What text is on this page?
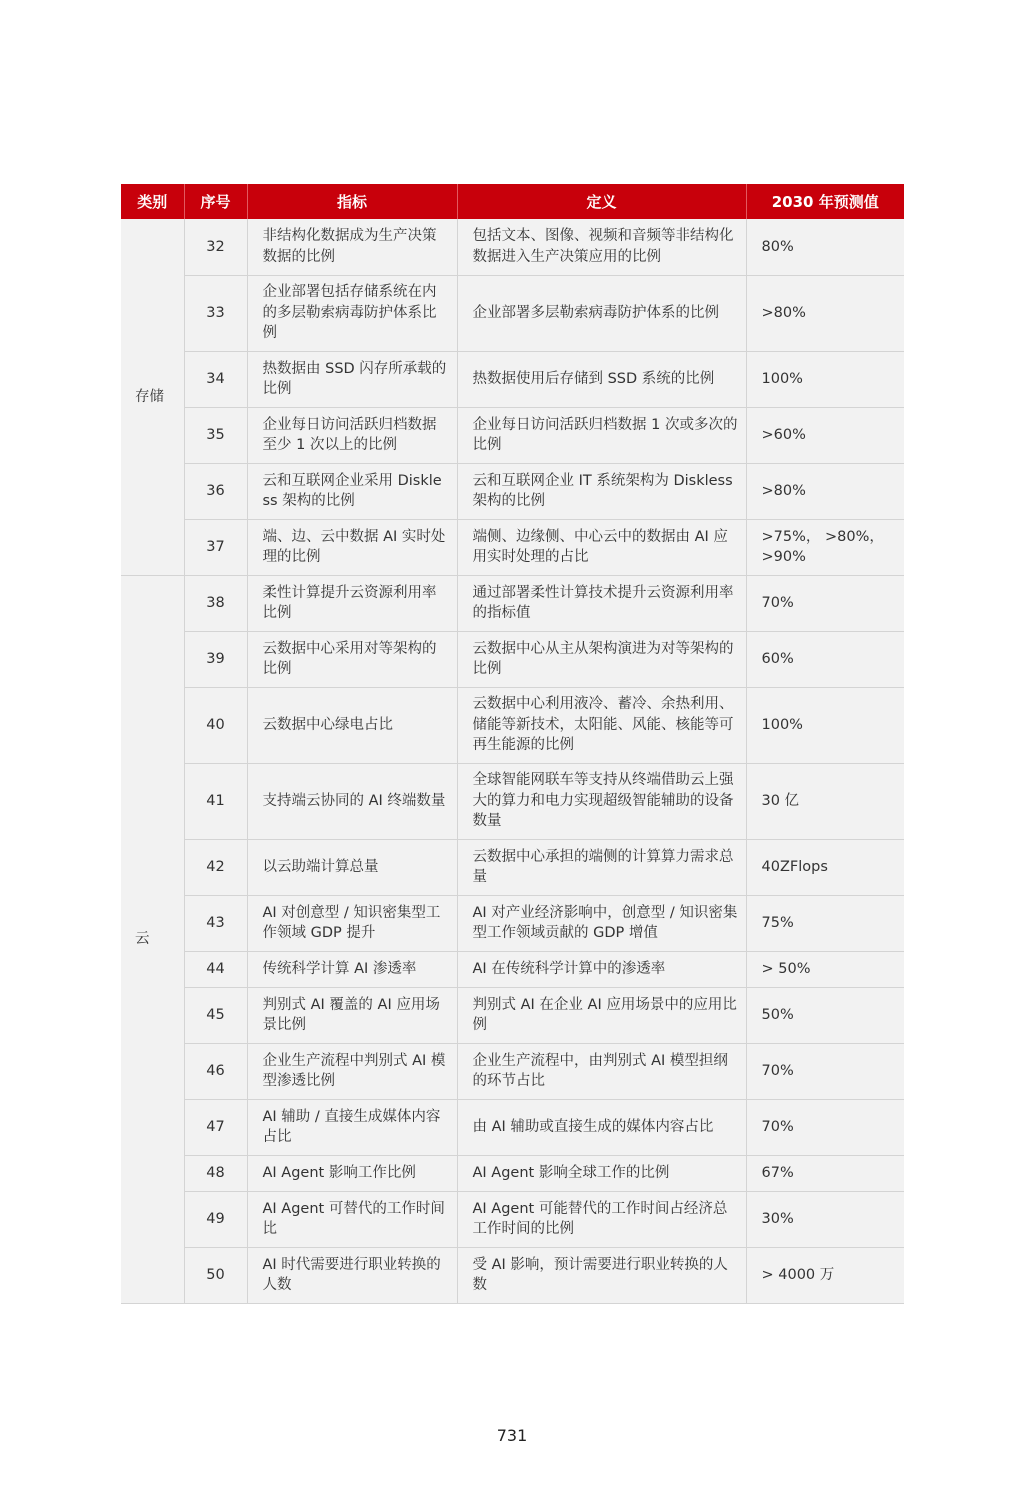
类别	序号	指标	定义	2030 年预测值
存储	32	非结构化数据成为生产决策数据的比例	包括文本、图像、视频和音频等非结构化数据进入生产决策应用的比例	80%
	33	企业部署包括存储系统在内的多层勒索病毒防护体系比例	企业部署多层勒索病毒防护体系的比例	>80%
	34	热数据由 SSD 闪存所承载的比例	热数据使用后存储到 SSD 系统的比例	100%
	35	企业每日访问活跃归档数据至少 1 次以上的比例	企业每日访问活跃归档数据 1 次或多次的比例	>60%
	36	云和互联网企业采用 Diskless 架构的比例	云和互联网企业 IT 系统架构为 Diskless 架构的比例	>80%
	37	端、边、云中数据 AI 实时处理的比例	端侧、边缘侧、中心云中的数据由 AI 应用实时处理的占比	>75%， >80%， >90%
云	38	柔性计算提升云资源利用率比例	通过部署柔性计算技术提升云资源利用率的指标值	70%
	39	云数据中心采用对等架构的比例	云数据中心从主从架构演进为对等架构的比例	60%
	40	云数据中心绿电占比	云数据中心利用液冷、蓄冷、余热利用、储能等新技术，太阳能、风能、核能等可再生能源的比例	100%
	41	支持端云协同的 AI 终端数量	全球智能网联车等支持从终端借助云上强大的算力和电力实现超级智能辅助的设备数量	30 亿
	42	以云助端计算总量	云数据中心承担的端侧的计算算力需求总量	40ZFlops
	43	AI 对创意型 / 知识密集型工作领域 GDP 提升	AI 对产业经济影响中，创意型 / 知识密集型工作领域贡献的 GDP 增值	75%
	44	传统科学计算 AI 渗透率	AI 在传统科学计算中的渗透率	> 50%
	45	判别式 AI 覆盖的 AI 应用场景比例	判别式 AI 在企业 AI 应用场景中的应用比例	50%
	46	企业生产流程中判别式 AI 模型渗透比例	企业生产流程中，由判别式 AI 模型担纲的环节占比	70%
	47	AI 辅助 / 直接生成媒体内容占比	由 AI 辅助或直接生成的媒体内容占比	70%
	48	AI Agent 影响工作比例	AI Agent 影响全球工作的比例	67%
	49	AI Agent 可替代的工作时间比	AI Agent 可能替代的工作时间占经济总工作时间的比例	30%
	50	AI 时代需要进行职业转换的人数	受 AI 影响，预计需要进行职业转换的人数	> 4000 万
731
